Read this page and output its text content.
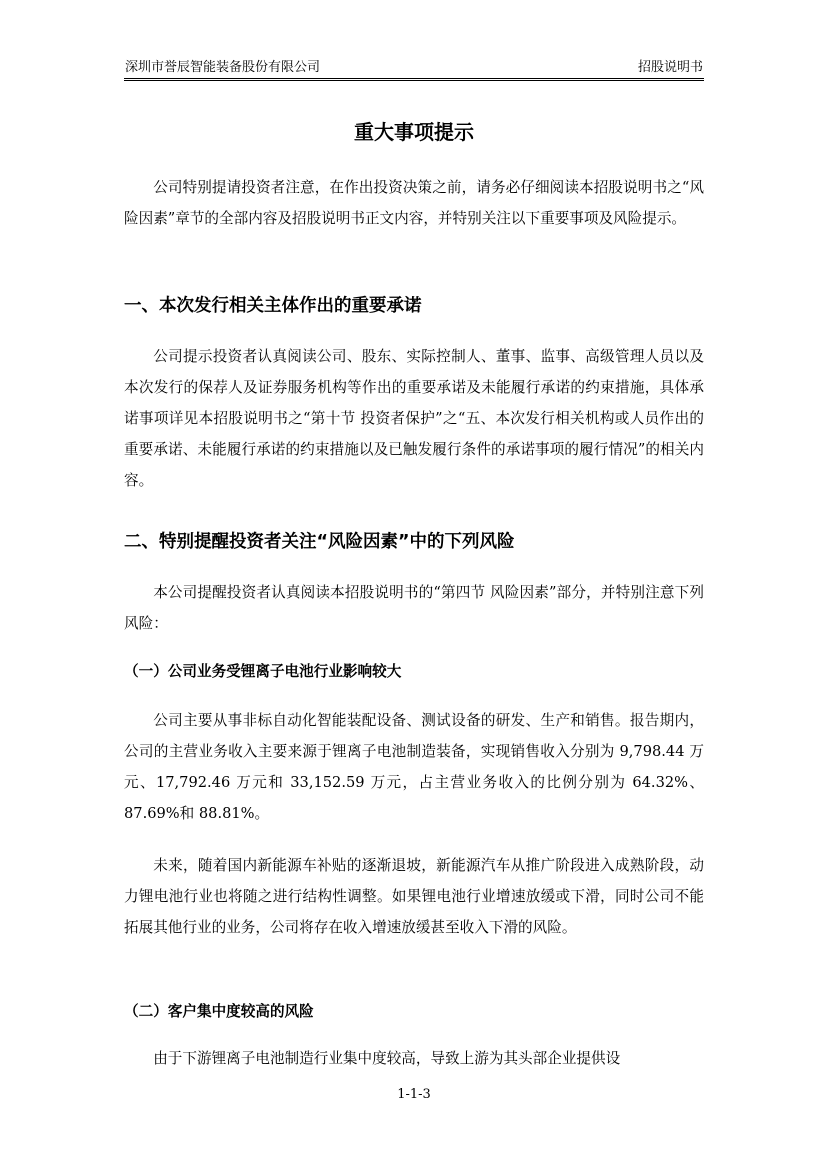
深圳市誉辰智能装备股份有限公司	招股说明书
重大事项提示

公司特别提请投资者注意，在作出投资决策之前，请务必仔细阅读本招股说明书之“风险因素”章节的全部内容及招股说明书正文内容，并特别关注以下重要事项及风险提示。

一、本次发行相关主体作出的重要承诺

公司提示投资者认真阅读公司、股东、实际控制人、董事、监事、高级管理人员以及本次发行的保荐人及证券服务机构等作出的重要承诺及未能履行承诺的约束措施，具体承诺事项详见本招股说明书之“第十节 投资者保护”之“五、本次发行相关机构或人员作出的重要承诺、未能履行承诺的约束措施以及已触发履行条件的承诺事项的履行情况”的相关内容。

二、特别提醒投资者关注“风险因素”中的下列风险

本公司提醒投资者认真阅读本招股说明书的“第四节 风险因素”部分，并特别注意下列风险：

（一）公司业务受锂离子电池行业影响较大

公司主要从事非标自动化智能装配设备、测试设备的研发、生产和销售。报告期内，公司的主营业务收入主要来源于锂离子电池制造装备，实现销售收入分别为 9,798.44 万元、17,792.46 万元和 33,152.59 万元，占主营业务收入的比例分别为 64.32%、87.69%和 88.81%。

未来，随着国内新能源车补贴的逐渐退坡，新能源汽车从推广阶段进入成熟阶段，动力锂电池行业也将随之进行结构性调整。如果锂电池行业增速放缓或下滑，同时公司不能拓展其他行业的业务，公司将存在收入增速放缓甚至收入下滑的风险。

（二）客户集中度较高的风险

由于下游锂离子电池制造行业集中度较高，导致上游为其头部企业提供设

1-1-3
